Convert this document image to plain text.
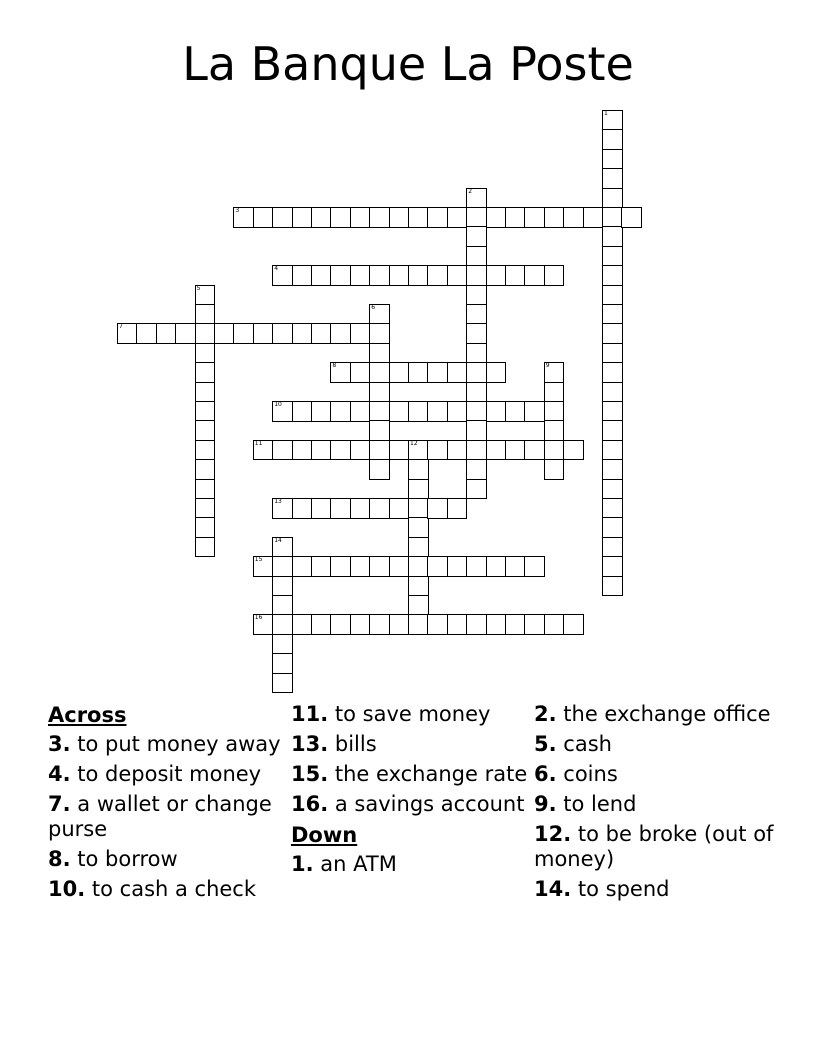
La Banque La Poste
1
2
3
4
5
6
7
8	9
10
11	12
13
14
15
16
Across
3. to put money away
4. to deposit money
7. a wallet or change purse
8. to borrow
10. to cash a check
11. to save money
13. bills
15. the exchange rate
16. a savings account
Down
1. an ATM
2. the exchange office
5. cash
6. coins
9. to lend
12. to be broke (out of money)
14. to spend
